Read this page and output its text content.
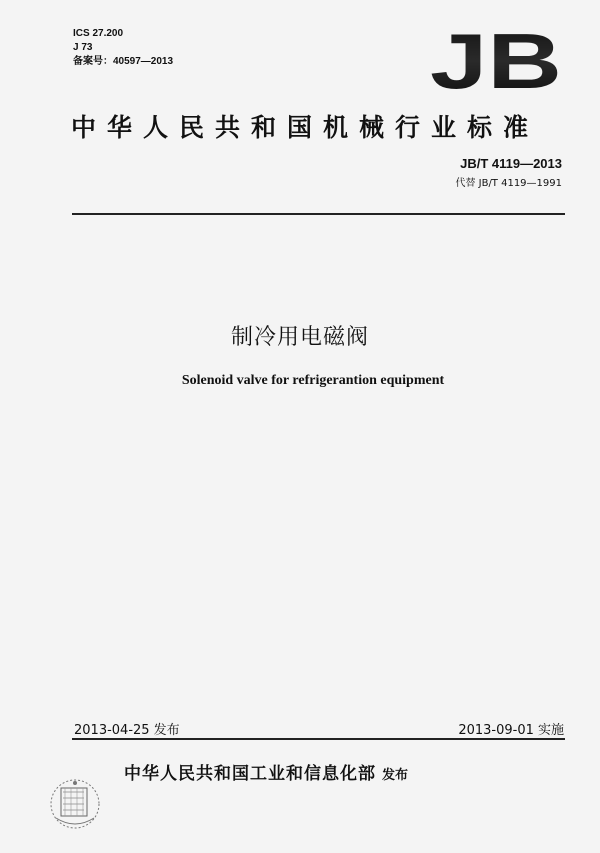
ICS 27.200
J 73
备案号：40597—2013	JB
中华人民共和国机械行业标准
JB/T 4119—2013
代替 JB/T 4119—1991
制冷用电磁阀
Solenoid valve for refrigerantion equipment
2013-04-25 发布	2013-09-01 实施
中华人民共和国工业和信息化部 发布
